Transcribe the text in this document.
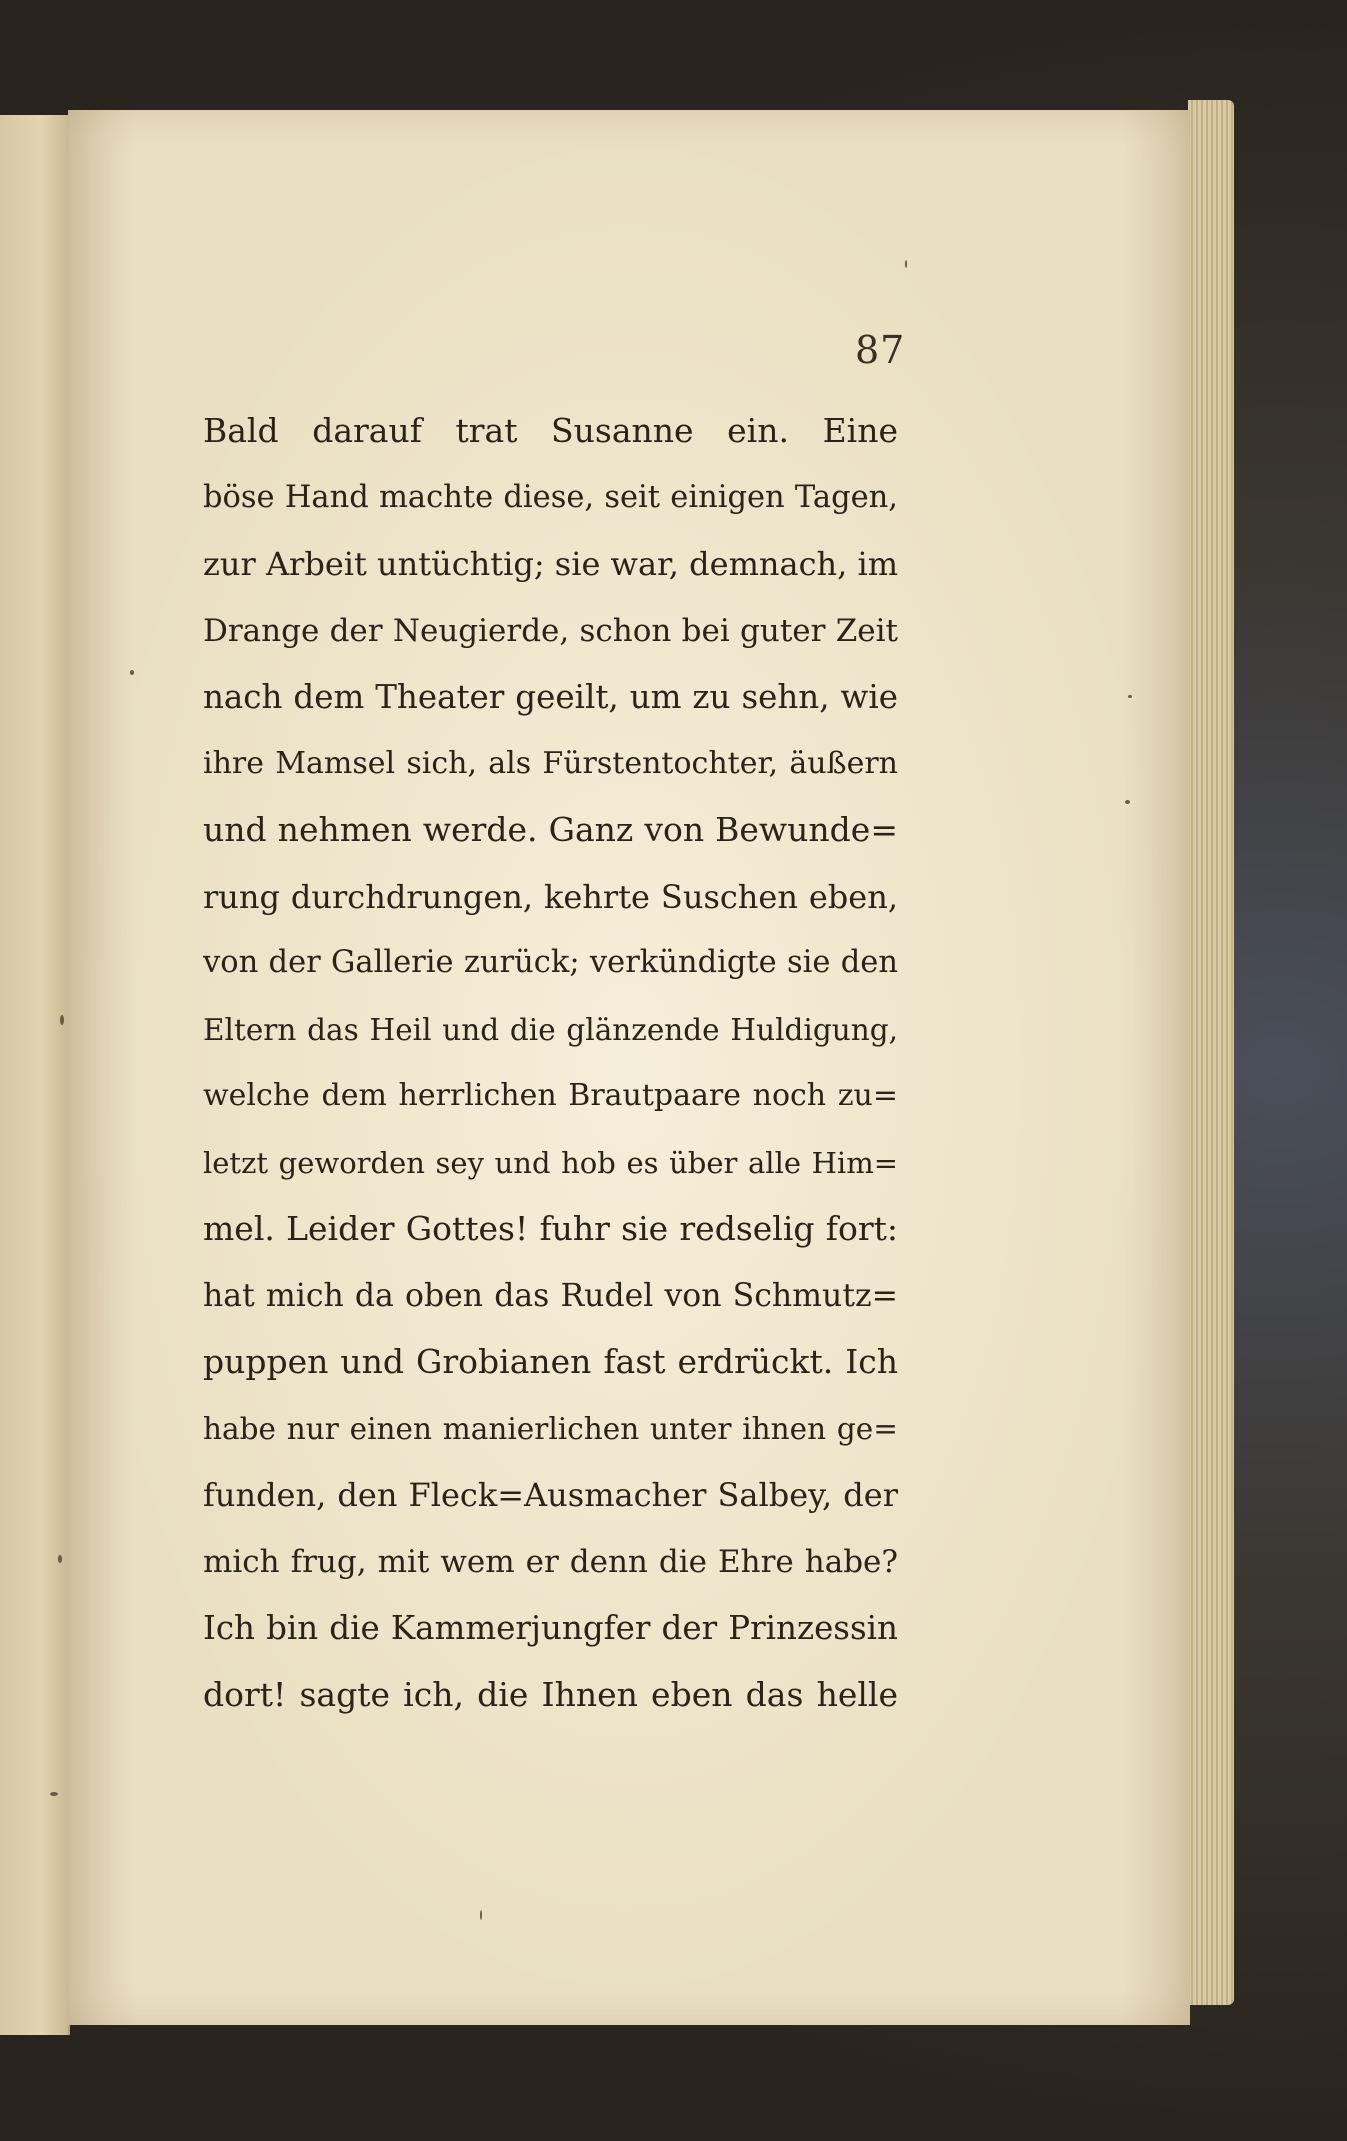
87
Bald darauf trat Susanne ein. Eine
böse Hand machte diese, seit einigen Tagen,
zur Arbeit untüchtig; sie war, demnach, im
Drange der Neugierde, schon bei guter Zeit
nach dem Theater geeilt, um zu sehn, wie
ihre Mamsel sich, als Fürstentochter, äußern
und nehmen werde. Ganz von Bewunde=
rung durchdrungen, kehrte Suschen eben,
von der Gallerie zurück; verkündigte sie den
Eltern das Heil und die glänzende Huldigung,
welche dem herrlichen Brautpaare noch zu=
letzt geworden sey und hob es über alle Him=
mel. Leider Gottes! fuhr sie redselig fort:
hat mich da oben das Rudel von Schmutz=
puppen und Grobianen fast erdrückt. Ich
habe nur einen manierlichen unter ihnen ge=
funden, den Fleck=Ausmacher Salbey, der
mich frug, mit wem er denn die Ehre habe?
Ich bin die Kammerjungfer der Prinzessin
dort! sagte ich, die Ihnen eben das helle
